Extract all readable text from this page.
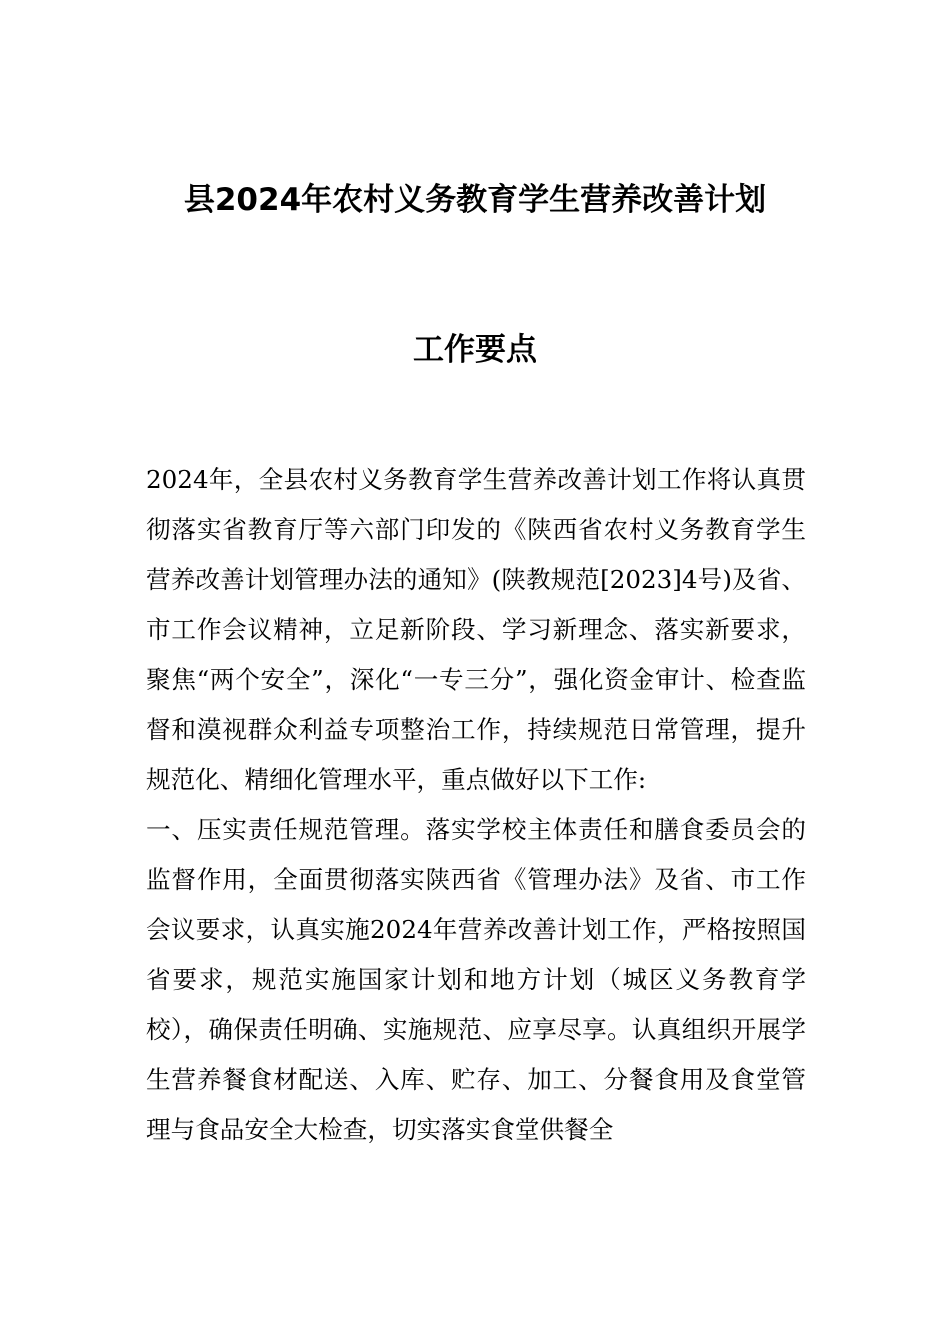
县2024年农村义务教育学生营养改善计划
工作要点

2024年，全县农村义务教育学生营养改善计划工作将认真贯彻落实省教育厅等六部门印发的《陕西省农村义务教育学生营养改善计划管理办法的通知》(陕教规范[2023]4号)及省、市工作会议精神，立足新阶段、学习新理念、落实新要求，聚焦“两个安全”，深化“一专三分”，强化资金审计、检查监督和漠视群众利益专项整治工作，持续规范日常管理，提升规范化、精细化管理水平，重点做好以下工作:

一、压实责任规范管理。落实学校主体责任和膳食委员会的监督作用，全面贯彻落实陕西省《管理办法》及省、市工作会议要求，认真实施2024年营养改善计划工作，严格按照国省要求，规范实施国家计划和地方计划（城区义务教育学校），确保责任明确、实施规范、应享尽享。认真组织开展学生营养餐食材配送、入库、贮存、加工、分餐食用及食堂管理与食品安全大检查，切实落实食堂供餐全
